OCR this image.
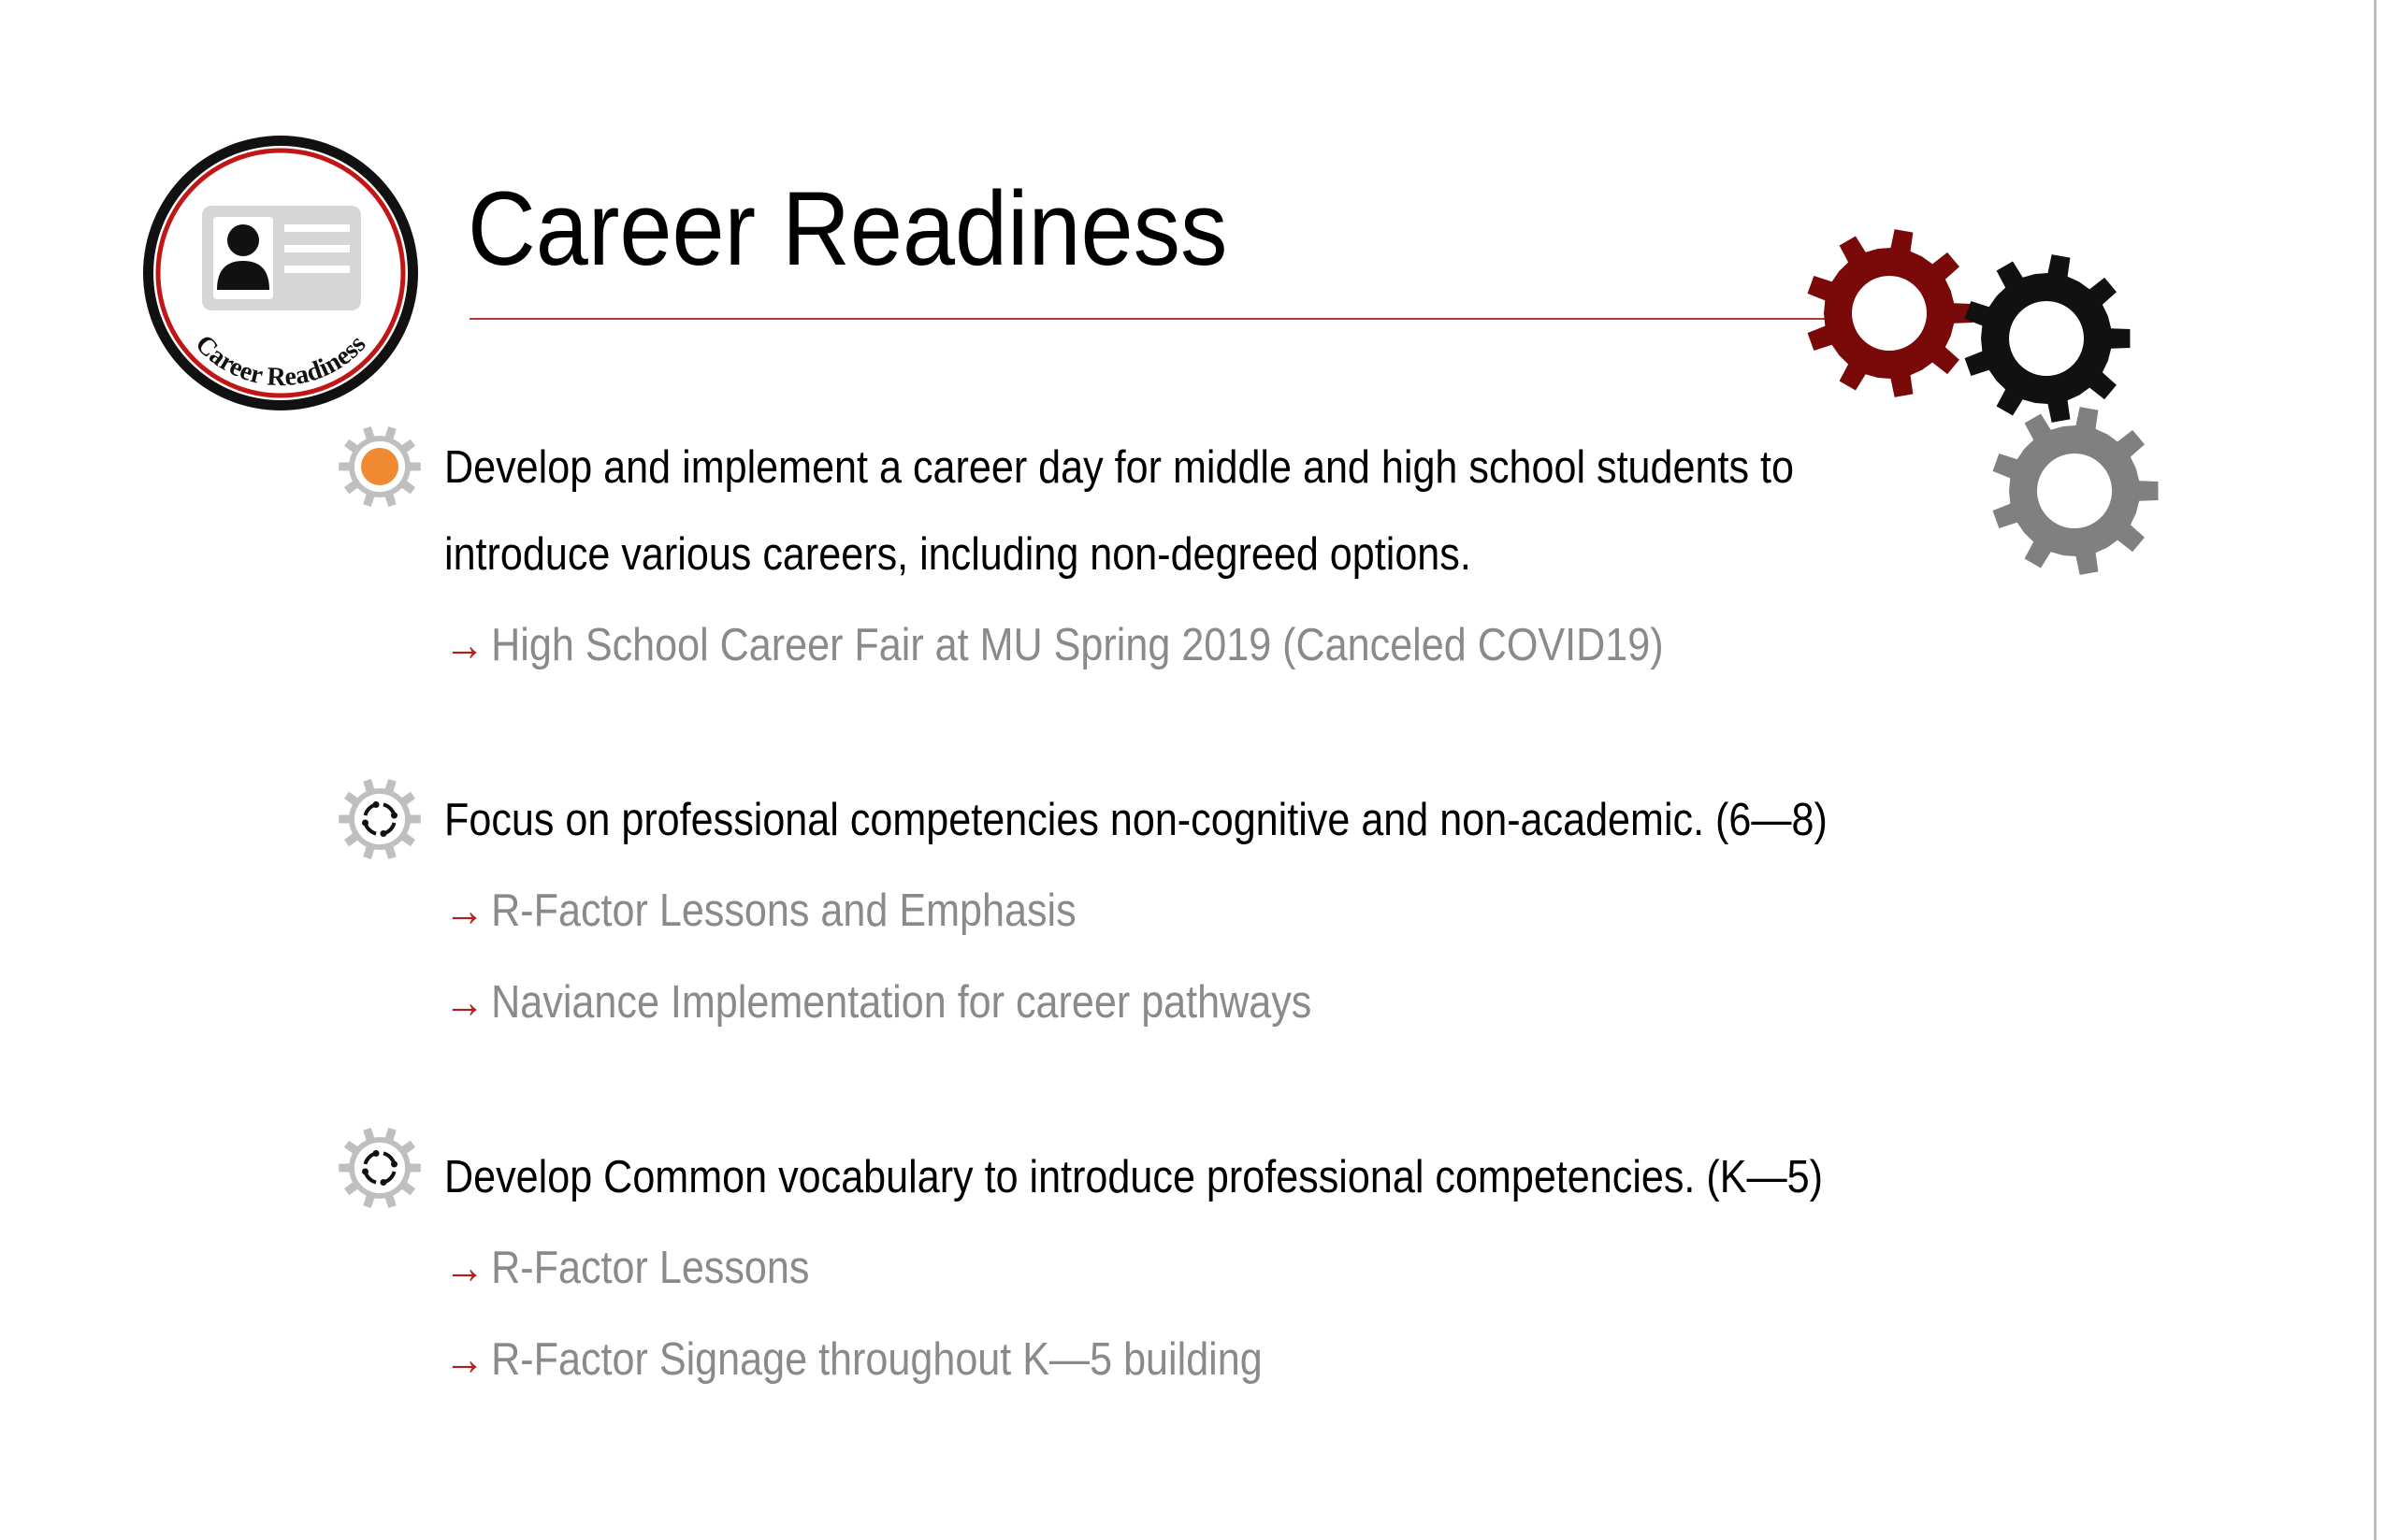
Career Readiness
Career Readiness
Develop and implement a career day for middle and high school students to
introduce various careers, including non-degreed options.
→ High School Career Fair at MU Spring 2019 (Canceled COVID19)
Focus on professional competencies non-cognitive and non-academic. (6—8)
→ R-Factor Lessons and Emphasis
→ Naviance Implementation for career pathways
Develop Common vocabulary to introduce professional competencies. (K—5)
→ R-Factor Lessons
→ R-Factor Signage throughout K—5 building
